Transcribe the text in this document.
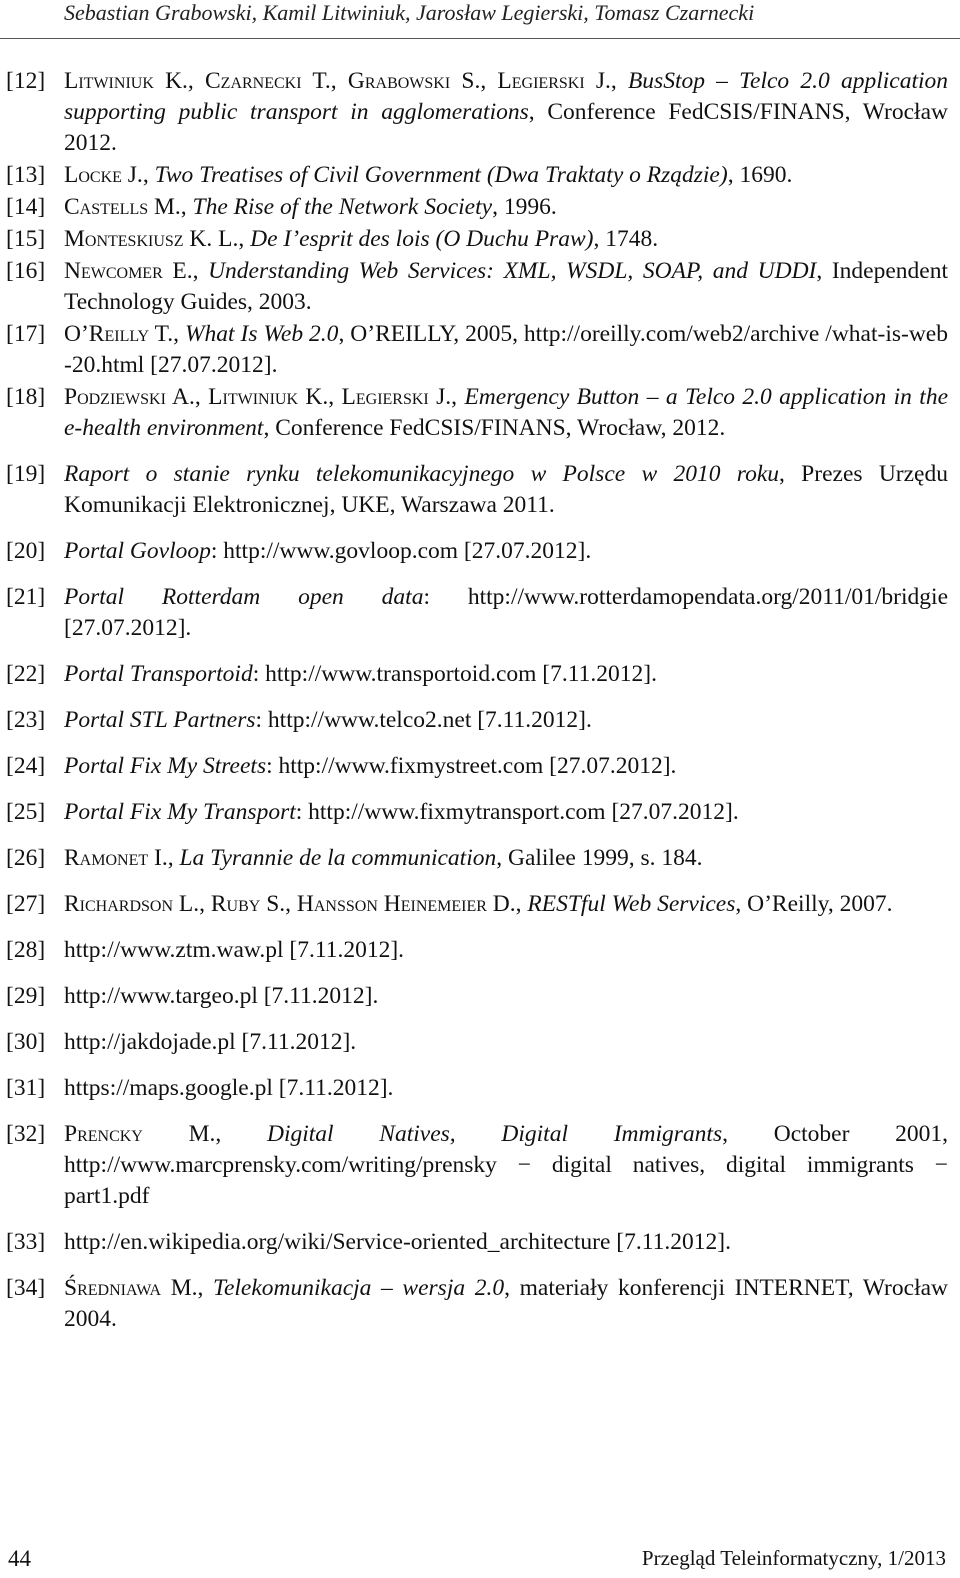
Sebastian Grabowski, Kamil Litwiniuk, Jarosław Legierski, Tomasz Czarnecki
[12] Litwiniuk K., Czarnecki T., Grabowski S., Legierski J., BusStop – Telco 2.0 application supporting public transport in agglomerations, Conference FedCSIS/FINANS, Wrocław 2012.
[13] Locke J., Two Treatises of Civil Government (Dwa Traktaty o Rządzie), 1690.
[14] Castells M., The Rise of the Network Society, 1996.
[15] Monteskiusz K. L., De I’esprit des lois (O Duchu Praw), 1748.
[16] Newcomer E., Understanding Web Services: XML, WSDL, SOAP, and UDDI, Independent Technology Guides, 2003.
[17] O’Reilly T., What Is Web 2.0, O’REILLY, 2005, http://oreilly.com/web2/archive /what-is-web-20.html [27.07.2012].
[18] Podziewski A., Litwiniuk K., Legierski J., Emergency Button – a Telco 2.0 application in the e-health environment, Conference FedCSIS/FINANS, Wrocław, 2012.
[19] Raport o stanie rynku telekomunikacyjnego w Polsce w 2010 roku, Prezes Urzędu Komunikacji Elektronicznej, UKE, Warszawa 2011.
[20] Portal Govloop: http://www.govloop.com [27.07.2012].
[21] Portal Rotterdam open data: http://www.rotterdamopendata.org/2011/01/bridgie [27.07.2012].
[22] Portal Transportoid: http://www.transportoid.com [7.11.2012].
[23] Portal STL Partners: http://www.telco2.net [7.11.2012].
[24] Portal Fix My Streets: http://www.fixmystreet.com [27.07.2012].
[25] Portal Fix My Transport: http://www.fixmytransport.com [27.07.2012].
[26] Ramonet I., La Tyrannie de la communication, Galilee 1999, s. 184.
[27] Richardson L., Ruby S., Hansson Heinemeier D., RESTful Web Services, O’Reilly, 2007.
[28] http://www.ztm.waw.pl [7.11.2012].
[29] http://www.targeo.pl [7.11.2012].
[30] http://jakdojade.pl [7.11.2012].
[31] https://maps.google.pl [7.11.2012].
[32] Prencky M., Digital Natives, Digital Immigrants, October 2001, http://www.marcprensky.com/writing/prensky − digital natives, digital immigrants − part1.pdf
[33] http://en.wikipedia.org/wiki/Service-oriented_architecture [7.11.2012].
[34] Średniawa M., Telekomunikacja – wersja 2.0, materiały konferencji INTERNET, Wrocław 2004.
44	Przegląd Teleinformatyczny, 1/2013
